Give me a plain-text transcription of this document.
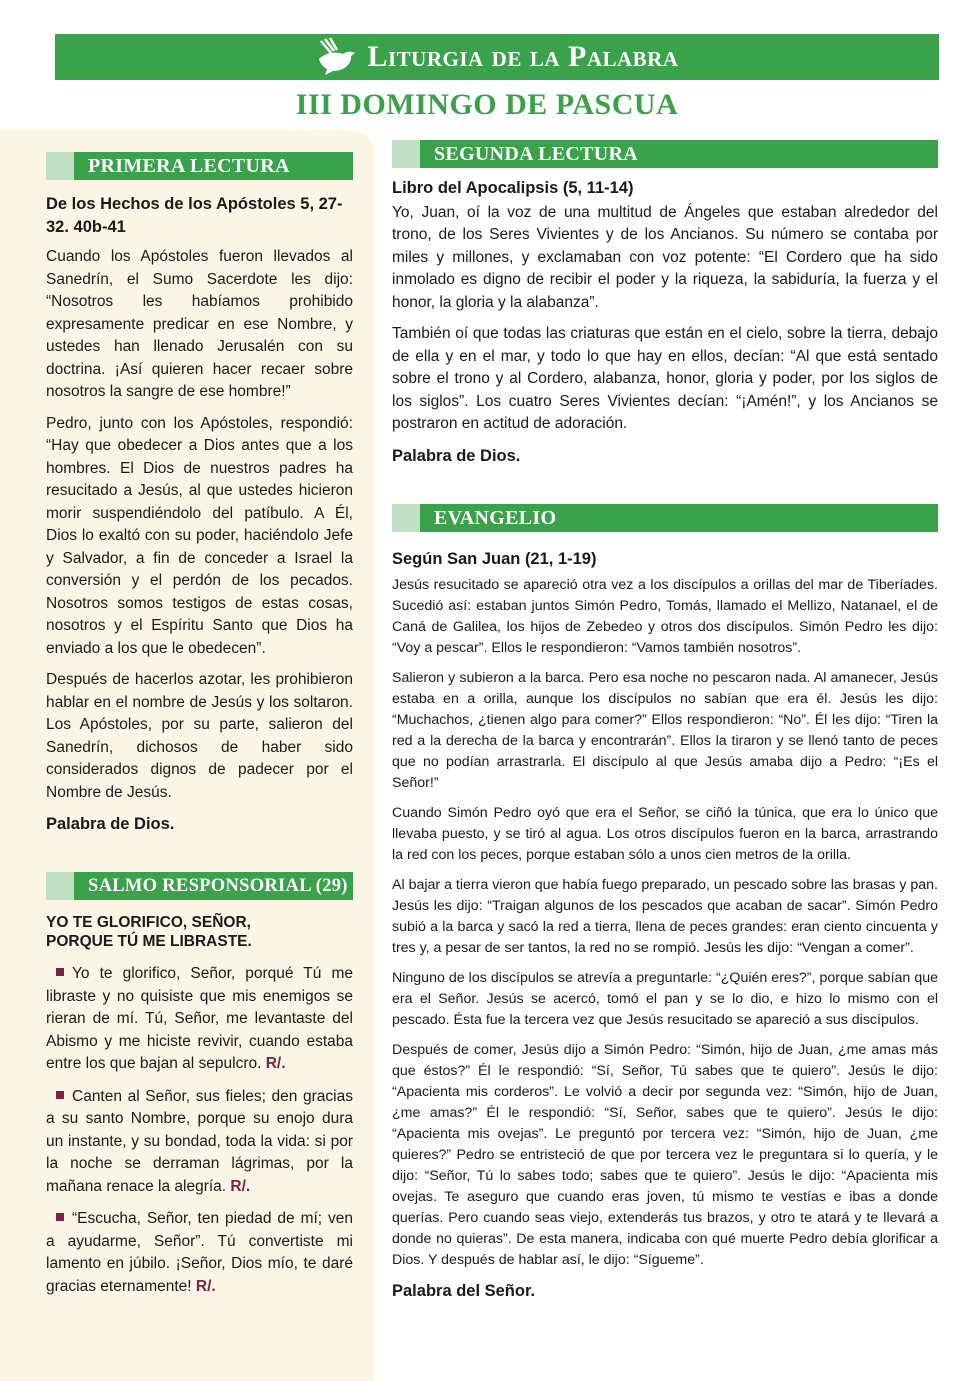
Liturgia de la Palabra
III DOMINGO DE PASCUA
PRIMERA LECTURA

De los Hechos de los Apóstoles 5, 27-32. 40b-41

Cuando los Apóstoles fueron llevados al Sanedrín, el Sumo Sacerdote les dijo: “Nosotros les habíamos prohibido expresamente predicar en ese Nombre, y ustedes han llenado Jerusalén con su doctrina. ¡Así quieren hacer recaer sobre nosotros la sangre de ese hombre!”

Pedro, junto con los Apóstoles, respondió: “Hay que obedecer a Dios antes que a los hombres. El Dios de nuestros padres ha resucitado a Jesús, al que ustedes hicieron morir suspendiéndolo del patíbulo. A Él, Dios lo exaltó con su poder, haciéndolo Jefe y Salvador, a fin de conceder a Israel la conversión y el perdón de los pecados. Nosotros somos testigos de estas cosas, nosotros y el Espíritu Santo que Dios ha enviado a los que le obedecen”.

Después de hacerlos azotar, les prohibieron hablar en el nombre de Jesús y los soltaron. Los Apóstoles, por su parte, salieron del Sanedrín, dichosos de haber sido considerados dignos de padecer por el Nombre de Jesús.

Palabra de Dios.

SALMO RESPONSORIAL (29)

YO TE GLORIFICO, SEÑOR,
PORQUE TÚ ME LIBRASTE.

Yo te glorifico, Señor, porqué Tú me libraste y no quisiste que mis enemigos se rieran de mí. Tú, Señor, me levantaste del Abismo y me hiciste revivir, cuando estaba entre los que bajan al sepulcro. R/.

Canten al Señor, sus fieles; den gracias a su santo Nombre, porque su enojo dura un instante, y su bondad, toda la vida: si por la noche se derraman lágrimas, por la mañana renace la alegría. R/.

“Escucha, Señor, ten piedad de mí; ven a ayudarme, Señor”. Tú convertiste mi lamento en júbilo. ¡Señor, Dios mío, te daré gracias eternamente! R/.

SEGUNDA LECTURA

Libro del Apocalipsis (5, 11-14)

Yo, Juan, oí la voz de una multitud de Ángeles que estaban alrededor del trono, de los Seres Vivientes y de los Ancianos. Su número se contaba por miles y millones, y exclamaban con voz potente: “El Cordero que ha sido inmolado es digno de recibir el poder y la riqueza, la sabiduría, la fuerza y el honor, la gloria y la alabanza”.

También oí que todas las criaturas que están en el cielo, sobre la tierra, debajo de ella y en el mar, y todo lo que hay en ellos, decían: “Al que está sentado sobre el trono y al Cordero, alabanza, honor, gloria y poder, por los siglos de los siglos”. Los cuatro Seres Vivientes decían: “¡Amén!”, y los Ancianos se postraron en actitud de adoración.

Palabra de Dios.

EVANGELIO

Según San Juan (21, 1-19)

Jesús resucitado se apareció otra vez a los discípulos a orillas del mar de Tiberíades. Sucedió así: estaban juntos Simón Pedro, Tomás, llamado el Mellizo, Natanael, el de Caná de Galilea, los hijos de Zebedeo y otros dos discípulos. Simón Pedro les dijo: “Voy a pescar”. Ellos le respondieron: “Vamos también nosotros”.

Salieron y subieron a la barca. Pero esa noche no pescaron nada. Al amanecer, Jesús estaba en a orilla, aunque los discípulos no sabían que era él. Jesús les dijo: “Muchachos, ¿tienen algo para comer?” Ellos respondieron: “No”. Él les dijo: “Tiren la red a la derecha de la barca y encontrarán”. Ellos la tiraron y se llenó tanto de peces que no podían arrastrarla. El discípulo al que Jesús amaba dijo a Pedro: “¡Es el Señor!”

Cuando Simón Pedro oyó que era el Señor, se ciñó la túnica, que era lo único que llevaba puesto, y se tiró al agua. Los otros discípulos fueron en la barca, arrastrando la red con los peces, porque estaban sólo a unos cien metros de la orilla.

Al bajar a tierra vieron que había fuego preparado, un pescado sobre las brasas y pan. Jesús les dijo: “Traigan algunos de los pescados que acaban de sacar”. Simón Pedro subió a la barca y sacó la red a tierra, llena de peces grandes: eran ciento cincuenta y tres y, a pesar de ser tantos, la red no se rompió. Jesús les dijo: “Vengan a comer”.

Ninguno de los discípulos se atrevía a preguntarle: “¿Quién eres?”, porque sabían que era el Señor. Jesús se acercó, tomó el pan y se lo dio, e hizo lo mismo con el pescado. Ésta fue la tercera vez que Jesús resucitado se apareció a sus discípulos.

Después de comer, Jesús dijo a Simón Pedro: “Simón, hijo de Juan, ¿me amas más que éstos?” Él le respondió: “Sí, Señor, Tú sabes que te quiero”. Jesús le dijo: “Apacienta mis corderos”. Le volvió a decir por segunda vez: “Simón, hijo de Juan, ¿me amas?” Él le respondió: “Sí, Señor, sabes que te quiero”. Jesús le dijo: “Apacienta mis ovejas”. Le preguntó por tercera vez: “Simón, hijo de Juan, ¿me quieres?” Pedro se entristeció de que por tercera vez le preguntara si lo quería, y le dijo: “Señor, Tú lo sabes todo; sabes que te quiero”. Jesús le dijo: “Apacienta mis ovejas. Te aseguro que cuando eras joven, tú mismo te vestías e ibas a donde querías. Pero cuando seas viejo, extenderás tus brazos, y otro te atará y te llevará a donde no quieras”. De esta manera, indicaba con qué muerte Pedro debía glorificar a Dios. Y después de hablar así, le dijo: “Sígueme”.

Palabra del Señor.
